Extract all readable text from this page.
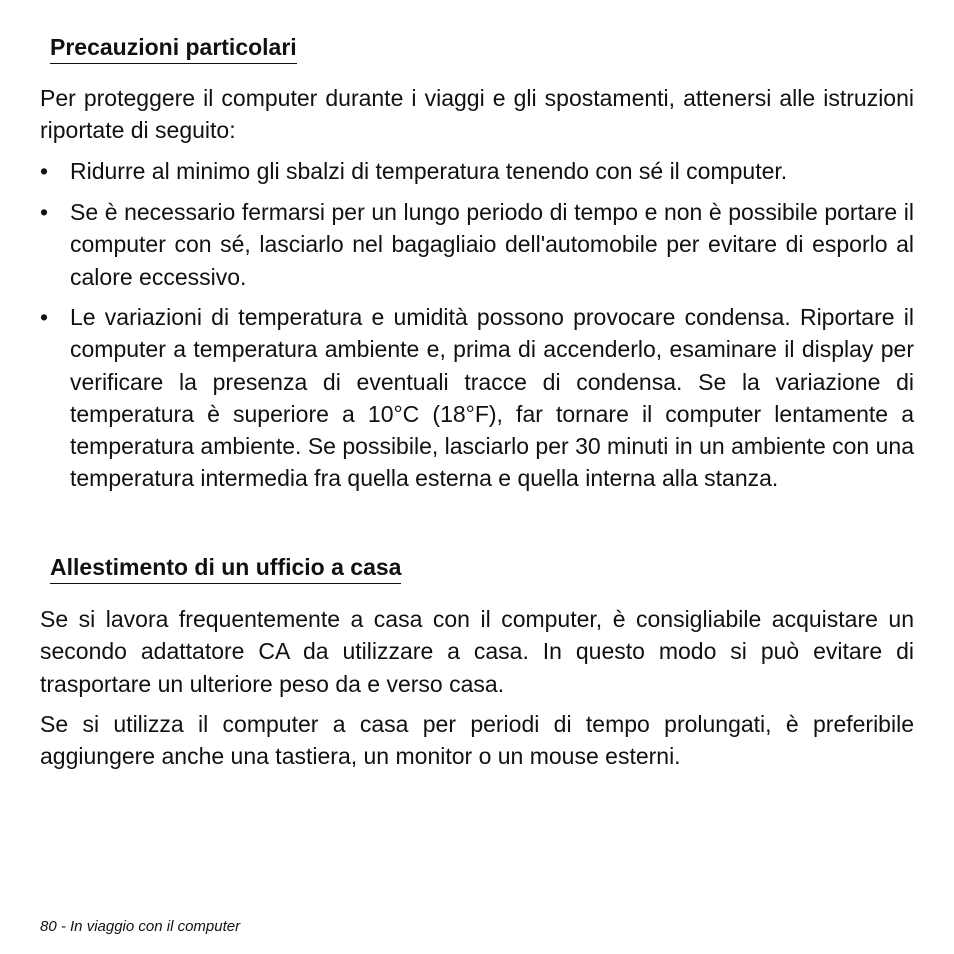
Precauzioni particolari

Per proteggere il computer durante i viaggi e gli spostamenti, attenersi alle istruzioni riportate di seguito:

• Ridurre al minimo gli sbalzi di temperatura tenendo con sé il computer.

• Se è necessario fermarsi per un lungo periodo di tempo e non è possibile portare il computer con sé, lasciarlo nel bagagliaio dell'automobile per evitare di esporlo al calore eccessivo.

• Le variazioni di temperatura e umidità possono provocare condensa. Riportare il computer a temperatura ambiente e, prima di accenderlo, esaminare il display per verificare la presenza di eventuali tracce di condensa. Se la variazione di temperatura è superiore a 10°C (18°F), far tornare il computer lentamente a temperatura ambiente. Se possibile, lasciarlo per 30 minuti in un ambiente con una temperatura intermedia fra quella esterna e quella interna alla stanza.

Allestimento di un ufficio a casa

Se si lavora frequentemente a casa con il computer, è consigliabile acquistare un secondo adattatore CA da utilizzare a casa. In questo modo si può evitare di trasportare un ulteriore peso da e verso casa.

Se si utilizza il computer a casa per periodi di tempo prolungati, è preferibile aggiungere anche una tastiera, un monitor o un mouse esterni.

80 - In viaggio con il computer
